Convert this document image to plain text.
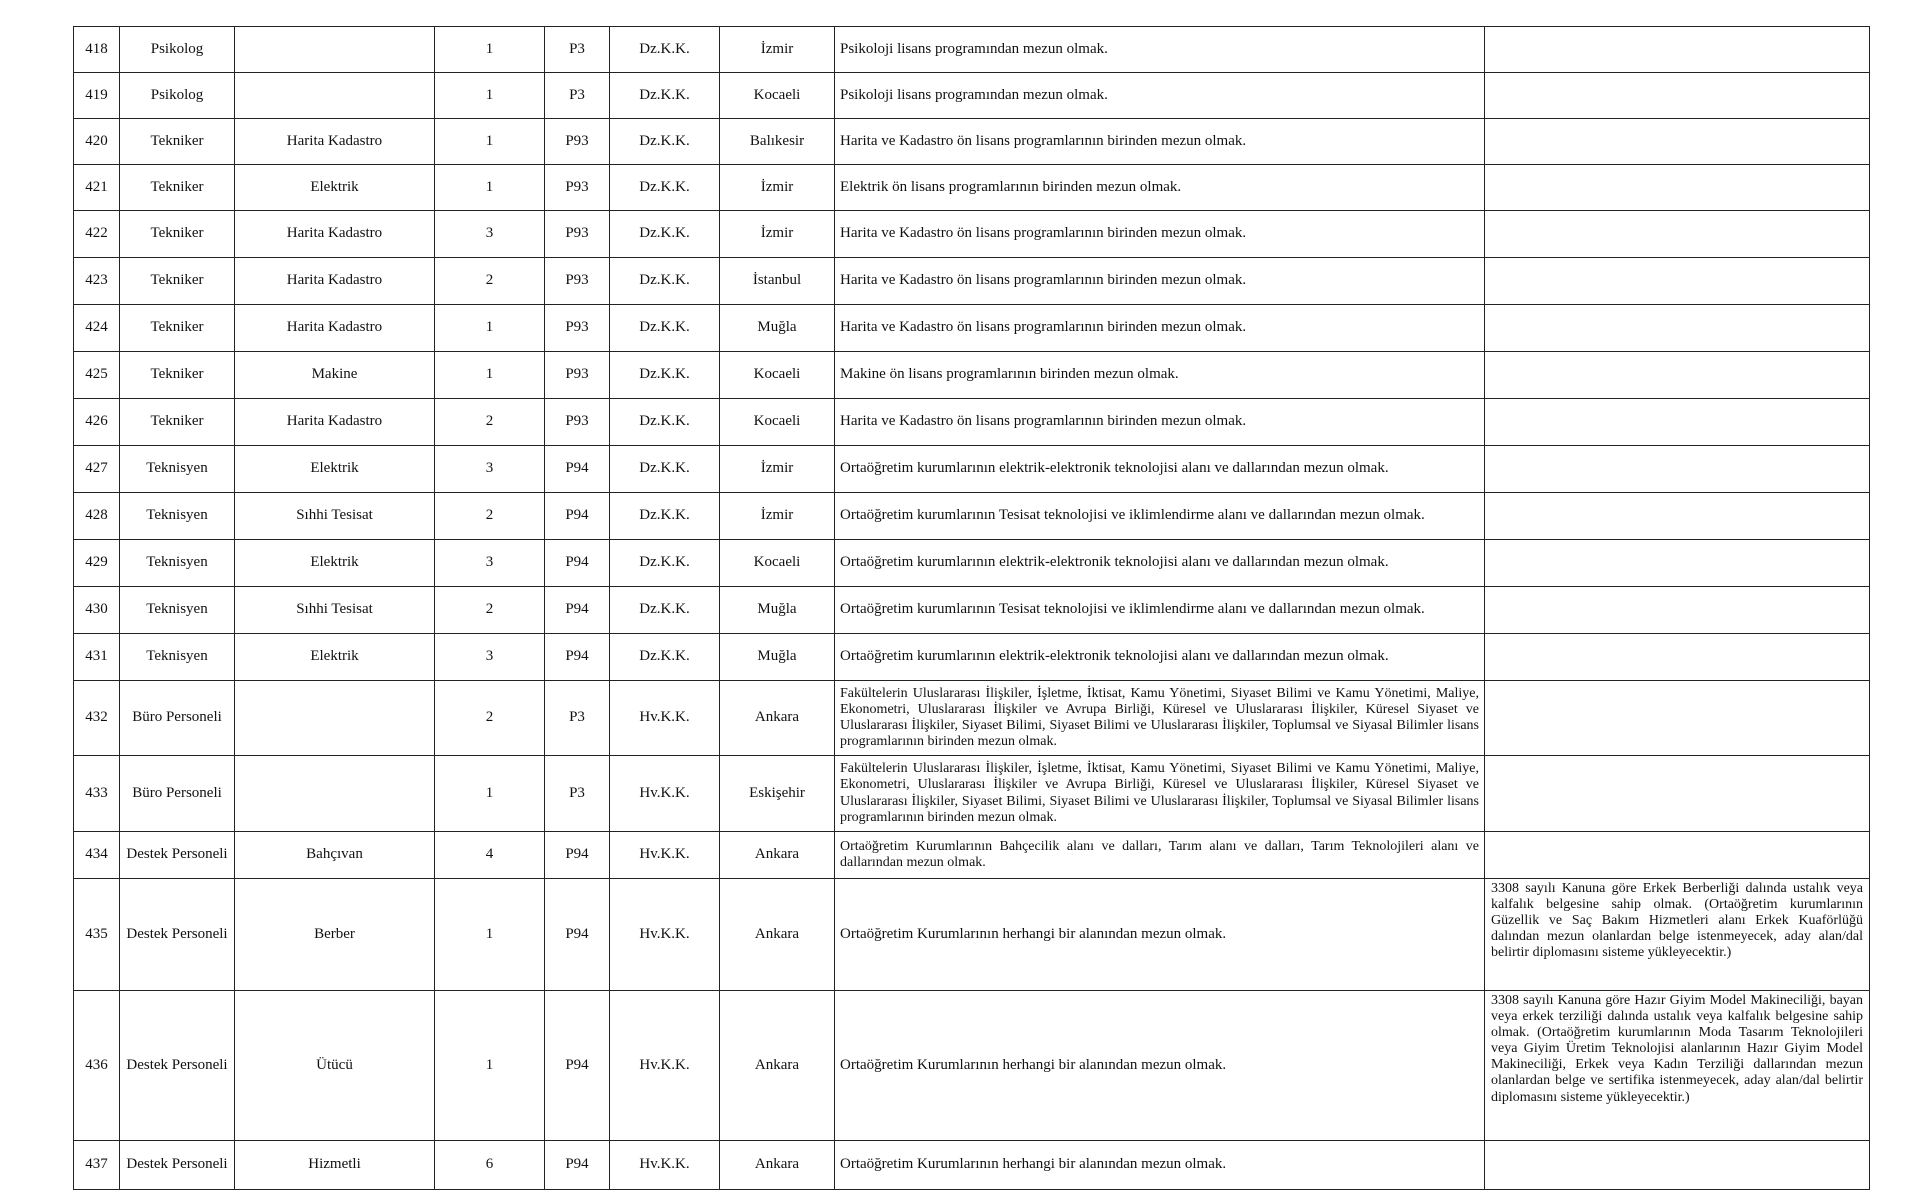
418	Psikolog		1	P3	Dz.K.K.	İzmir	Psikoloji lisans programından mezun olmak.	
419	Psikolog		1	P3	Dz.K.K.	Kocaeli	Psikoloji lisans programından mezun olmak.	
420	Tekniker	Harita Kadastro	1	P93	Dz.K.K.	Balıkesir	Harita ve Kadastro ön lisans programlarının birinden mezun olmak.	
421	Tekniker	Elektrik	1	P93	Dz.K.K.	İzmir	Elektrik ön lisans programlarının birinden mezun olmak.	
422	Tekniker	Harita Kadastro	3	P93	Dz.K.K.	İzmir	Harita ve Kadastro ön lisans programlarının birinden mezun olmak.	
423	Tekniker	Harita Kadastro	2	P93	Dz.K.K.	İstanbul	Harita ve Kadastro ön lisans programlarının birinden mezun olmak.	
424	Tekniker	Harita Kadastro	1	P93	Dz.K.K.	Muğla	Harita ve Kadastro ön lisans programlarının birinden mezun olmak.	
425	Tekniker	Makine	1	P93	Dz.K.K.	Kocaeli	Makine ön lisans programlarının birinden mezun olmak.	
426	Tekniker	Harita Kadastro	2	P93	Dz.K.K.	Kocaeli	Harita ve Kadastro ön lisans programlarının birinden mezun olmak.	
427	Teknisyen	Elektrik	3	P94	Dz.K.K.	İzmir	Ortaöğretim kurumlarının elektrik-elektronik teknolojisi alanı ve dallarından mezun olmak.	
428	Teknisyen	Sıhhi Tesisat	2	P94	Dz.K.K.	İzmir	Ortaöğretim kurumlarının Tesisat teknolojisi ve iklimlendirme alanı ve dallarından mezun olmak.	
429	Teknisyen	Elektrik	3	P94	Dz.K.K.	Kocaeli	Ortaöğretim kurumlarının elektrik-elektronik teknolojisi alanı ve dallarından mezun olmak.	
430	Teknisyen	Sıhhi Tesisat	2	P94	Dz.K.K.	Muğla	Ortaöğretim kurumlarının Tesisat teknolojisi ve iklimlendirme alanı ve dallarından mezun olmak.	
431	Teknisyen	Elektrik	3	P94	Dz.K.K.	Muğla	Ortaöğretim kurumlarının elektrik-elektronik teknolojisi alanı ve dallarından mezun olmak.	
432	Büro Personeli		2	P3	Hv.K.K.	Ankara	Fakültelerin Uluslararası İlişkiler, İşletme, İktisat, Kamu Yönetimi, Siyaset Bilimi ve Kamu Yönetimi, Maliye, Ekonometri, Uluslararası İlişkiler ve Avrupa Birliği, Küresel ve Uluslararası İlişkiler, Küresel Siyaset ve Uluslararası İlişkiler, Siyaset Bilimi, Siyaset Bilimi ve Uluslararası İlişkiler, Toplumsal ve Siyasal Bilimler lisans programlarının birinden mezun olmak.	
433	Büro Personeli		1	P3	Hv.K.K.	Eskişehir	Fakültelerin Uluslararası İlişkiler, İşletme, İktisat, Kamu Yönetimi, Siyaset Bilimi ve Kamu Yönetimi, Maliye, Ekonometri, Uluslararası İlişkiler ve Avrupa Birliği, Küresel ve Uluslararası İlişkiler, Küresel Siyaset ve Uluslararası İlişkiler, Siyaset Bilimi, Siyaset Bilimi ve Uluslararası İlişkiler, Toplumsal ve Siyasal Bilimler lisans programlarının birinden mezun olmak.	
434	Destek Personeli	Bahçıvan	4	P94	Hv.K.K.	Ankara	Ortaöğretim Kurumlarının Bahçecilik alanı ve dalları, Tarım alanı ve dalları, Tarım Teknolojileri alanı ve dallarından mezun olmak.	
435	Destek Personeli	Berber	1	P94	Hv.K.K.	Ankara	Ortaöğretim Kurumlarının herhangi bir alanından mezun olmak.	3308 sayılı Kanuna göre Erkek Berberliği dalında ustalık veya kalfalık belgesine sahip olmak. (Ortaöğretim kurumlarının Güzellik ve Saç Bakım Hizmetleri alanı Erkek Kuaförlüğü dalından mezun olanlardan belge istenmeyecek, aday alan/dal belirtir diplomasını sisteme yükleyecektir.)
436	Destek Personeli	Ütücü	1	P94	Hv.K.K.	Ankara	Ortaöğretim Kurumlarının herhangi bir alanından mezun olmak.	3308 sayılı Kanuna göre Hazır Giyim Model Makineciliği, bayan veya erkek terziliği dalında ustalık veya kalfalık belgesine sahip olmak. (Ortaöğretim kurumlarının Moda Tasarım Teknolojileri veya Giyim Üretim Teknolojisi alanlarının Hazır Giyim Model Makineciliği, Erkek veya Kadın Terziliği dallarından mezun olanlardan belge ve sertifika istenmeyecek, aday alan/dal belirtir diplomasını sisteme yükleyecektir.)
437	Destek Personeli	Hizmetli	6	P94	Hv.K.K.	Ankara	Ortaöğretim Kurumlarının herhangi bir alanından mezun olmak.	
